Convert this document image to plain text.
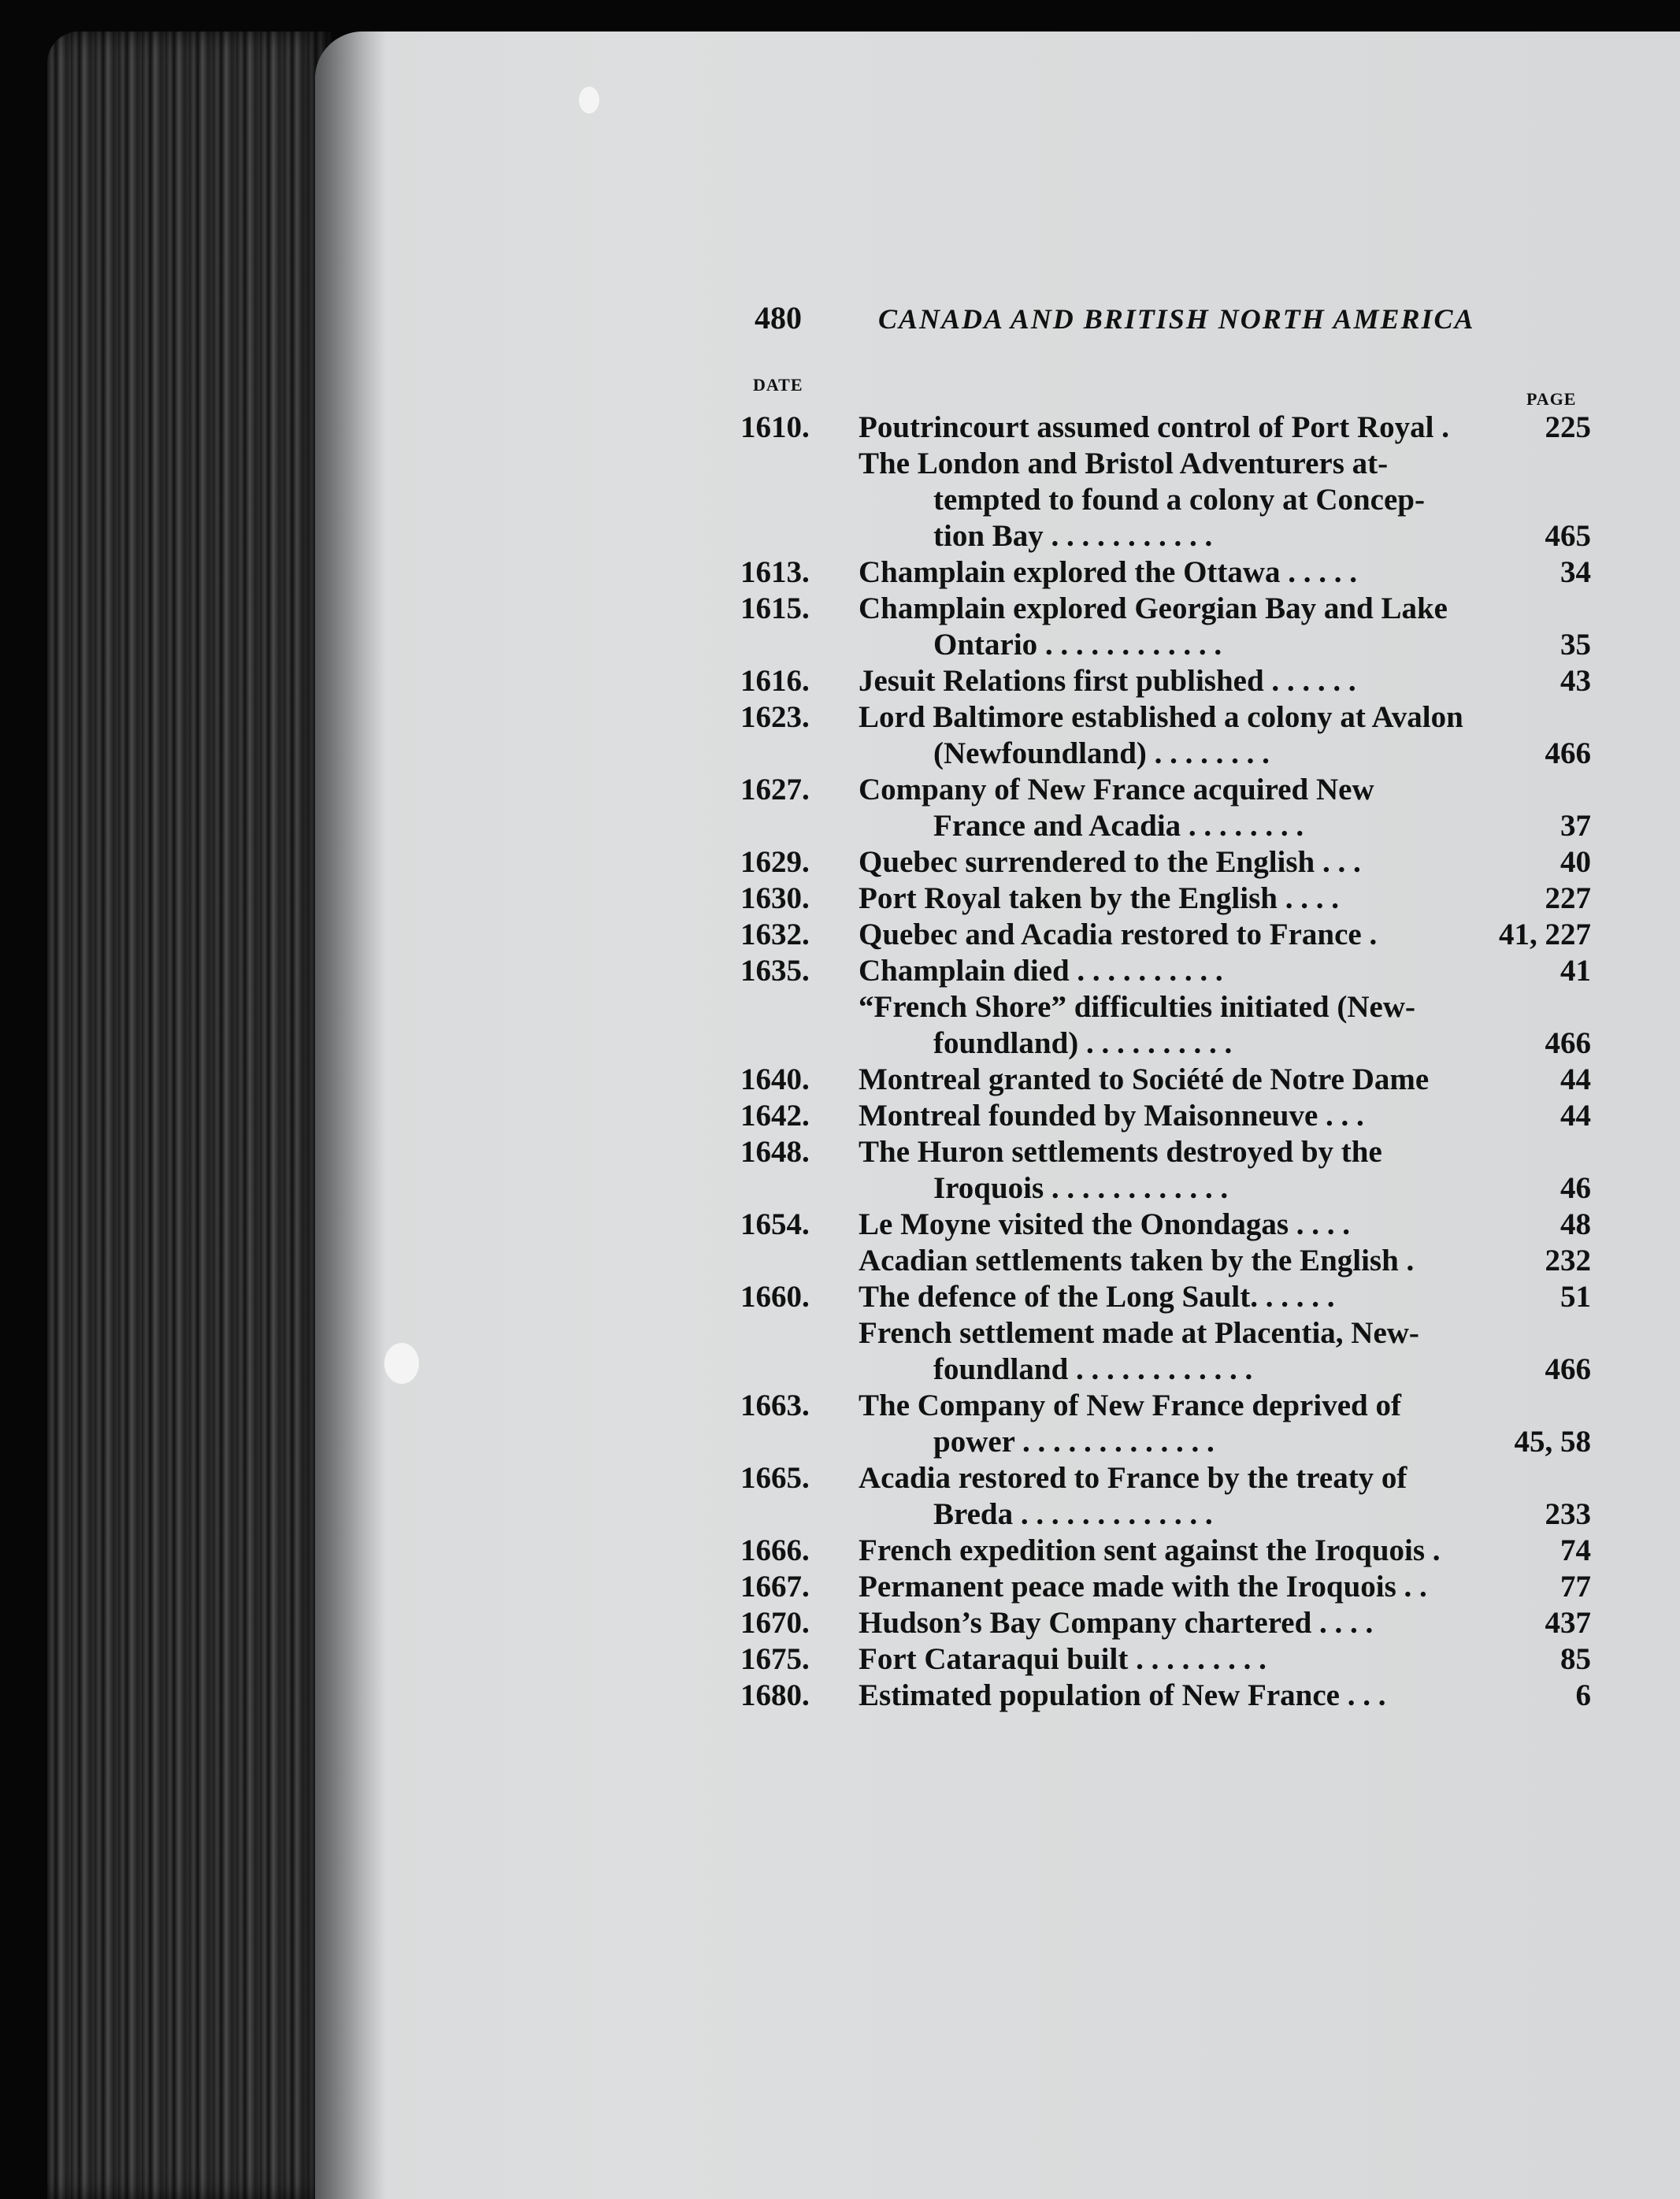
480	CANADA AND BRITISH NORTH AMERICA
DATE
PAGE
1610.	Poutrincourt assumed control of Port Royal .	225
The London and Bristol Adventurers at-
tempted to found a colony at Concep-
tion Bay . . . . . . . . . . .	465
1613.	Champlain explored the Ottawa . . . . .	34
1615.	Champlain explored Georgian Bay and Lake
Ontario . . . . . . . . . . . .	35
1616.	Jesuit Relations first published . . . . . .	43
1623.	Lord Baltimore established a colony at Avalon
(Newfoundland) . . . . . . . .	466
1627.	Company of New France acquired New
France and Acadia . . . . . . . .	37
1629.	Quebec surrendered to the English . . .	40
1630.	Port Royal taken by the English . . . .	227
1632.	Quebec and Acadia restored to France .	41, 227
1635.	Champlain died . . . . . . . . . .	41
“French Shore” difficulties initiated (New-
foundland) . . . . . . . . . .	466
1640.	Montreal granted to Société de Notre Dame	44
1642.	Montreal founded by Maisonneuve . . .	44
1648.	The Huron settlements destroyed by the
Iroquois . . . . . . . . . . . .	46
1654.	Le Moyne visited the Onondagas . . . .	48
Acadian settlements taken by the English .	232
1660.	The defence of the Long Sault. . . . . .	51
French settlement made at Placentia, New-
foundland . . . . . . . . . . . .	466
1663.	The Company of New France deprived of
power . . . . . . . . . . . . .	45, 58
1665.	Acadia restored to France by the treaty of
Breda . . . . . . . . . . . . .	233
1666.	French expedition sent against the Iroquois .	74
1667.	Permanent peace made with the Iroquois . .	77
1670.	Hudson’s Bay Company chartered . . . .	437
1675.	Fort Cataraqui built . . . . . . . . .	85
1680.	Estimated population of New France . . .	6
